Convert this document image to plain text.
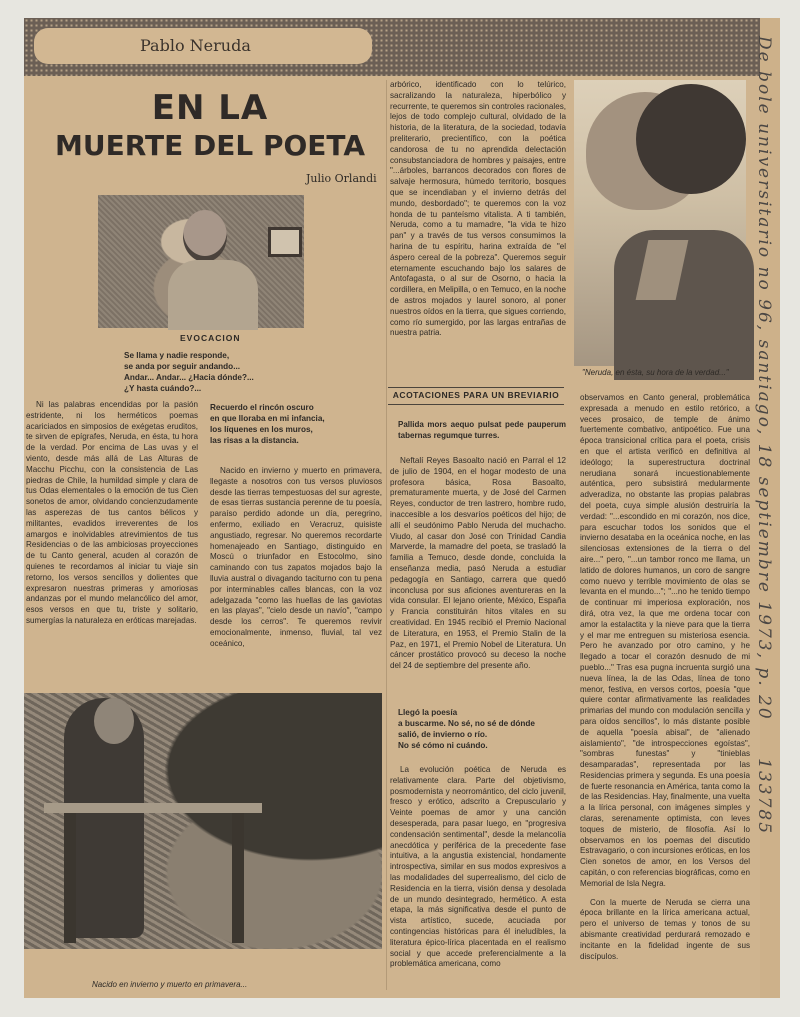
Pablo Neruda
EN LA
MUERTE DEL POETA
Julio Orlandi
EVOCACION
Se llama y nadie responde,
se anda por seguir andando...
Andar... Andar... ¿Hacia dónde?...
¿Y hasta cuándo?...

Ni las palabras encendidas por la pasión estridente, ni los herméticos poemas acariciados en simposios de exégetas eruditos, te sirven de epígrafes, Neruda, en ésta, tu hora de la verdad. Por encima de Las uvas y el viento, desde más allá de Las Alturas de Macchu Picchu, con la consistencia de Las piedras de Chile, la humildad simple y clara de tus Odas elementales o la emoción de tus Cien sonetos de amor, olvidando concienzudamente las asperezas de tus cantos bélicos y militantes, evadidos irreverentes de los amargos e inolvidables atrevimientos de tus Residencias o de las ambiciosas proyecciones de tu Canto general, acuden al corazón de quienes te recordamos al iniciar tu viaje sin retorno, los versos sencillos y dolientes que expresaron nuestras primeras y amoriosas andanzas por el mundo melancólico del amor, esos versos en que tu, triste y solitario, sumergías la naturaleza en eróticas marejadas.

Recuerdo el rincón oscuro
en que lloraba en mi infancia,
los líquenes en los muros,
las risas a la distancia.

Nacido en invierno y muerto en primavera, llegaste a nosotros con tus versos pluviosos desde las tierras tempestuosas del sur agreste, de esas tierras sustancia perenne de tu poesía, paraíso perdido adonde un día, peregrino, enfermo, exiliado en Veracruz, quisiste angustiado, regresar. No queremos recordarte homenajeado en Santiago, distinguido en Moscú o triunfador en Estocolmo, sino caminando con tus zapatos mojados bajo la lluvia austral o divagando taciturno con tu pena por interminables calles blancas, con la voz adelgazada "como las huellas de las gaviotas en las playas", "cielo desde un navío", "campo desde los cerros". Te queremos revivir emocionalmente, inmenso, fluvial, tal vez oceánico,

Nacido en invierno y muerto en primavera...

arbórico, identificado con lo telúrico, sacralizando la naturaleza, hiperbólico y recurrente, te queremos sin controles racionales, lejos de todo complejo cultural, olvidado de la historia, de la literatura, de la sociedad, todavía preliterario, precientífico, con la poética candorosa de tu no aprendida delectación consubstanciadora de hombres y paisajes, entre "...árboles, barrancos decorados con flores de salvaje hermosura, húmedo territorio, bosques que se incendiaban y el invierno detrás del mundo, desbordado"; te queremos con la voz honda de tu panteísmo vitalista. A ti también, Neruda, como a tu mamadre, "la vida te hizo pan" y a través de tus versos consumimos la harina de tu espíritu, harina extraída de "el áspero cereal de la pobreza". Queremos seguir eternamente escuchando bajo los salares de Antofagasta, o al sur de Osorno, o hacia la cordillera, en Melipilla, o en Temuco, en la noche de astros mojados y laurel sonoro, al poner nuestros oídos en la tierra, que sigues corriendo, como río sumergido, por las largas entrañas de nuestra patria.

ACOTACIONES PARA UN BREVIARIO
Pallida mors aequo pulsat pede pauperum tabernas regumque turres.

Neftalí Reyes Basoalto nació en Parral el 12 de julio de 1904, en el hogar modesto de una profesora básica, Rosa Basoalto, prematuramente muerta, y de José del Carmen Reyes, conductor de tren lastrero, hombre rudo, inaccesible a los desvaríos poéticos del hijo; de allí el seudónimo Pablo Neruda del muchacho. Viudo, al casar don José con Trinidad Candia Marverde, la mamadre del poeta, se trasladó la familia a Temuco, desde donde, concluida la enseñanza media, pasó Neruda a estudiar pedagogía en Santiago, carrera que quedó inconclusa por sus aficiones aventureras en la vida consular. El lejano oriente, México, España y Francia constituirán hitos vitales en su creatividad. En 1945 recibió el Premio Nacional de Literatura, en 1953, el Premio Stalin de la Paz, en 1971, el Premio Nobel de Literatura. Un cáncer prostático provocó su deceso la noche del 24 de septiembre del presente año.

Llegó la poesía
a buscarme. No sé, no sé de dónde
salió, de invierno o río.
No sé cómo ni cuándo.

La evolución poética de Neruda es relativamente clara. Parte del objetivismo, posmodernista y neorromántico, del ciclo juvenil, fresco y erótico, adscrito a Crepusculario y Veinte poemas de amor y una canción desesperada, para pasar luego, en "progresiva condensación sentimental", desde la melancolía anecdótica y periférica de la precedente fase intuitiva, a la angustia existencial, hondamente introspectiva, similar en sus modos expresivos a las modalidades del superrealismo, del ciclo de Residencia en la tierra, visión densa y desolada de un mundo desintegrado, hermético. A esta etapa, la más significativa desde el punto de vista artístico, sucede, acuciada por contingencias históricas para él ineludibles, la literatura épico-lírica placentada en el realismo social y que accede preferencialmente a la problemática americana, como

"Neruda, en ésta, su hora de la verdad..."

observamos en Canto general, problemática expresada a menudo en estilo retórico, a veces prosaico, de temple de ánimo fuertemente combativo, antipoético. Fue una época transicional crítica para el poeta, crisis en que el artista verificó en definitiva al ideólogo; la superestructura doctrinal nerudiana sonará incuestionablemente auténtica, pero subsistirá medularmente adveradiza, no obstante las propias palabras del poeta, cuya simple alusión destruiría la verdad: "...escondido en mi corazón, nos dice, para escuchar todos los sonidos que el invierno desataba en la oceánica noche, en las silenciosas extensiones de la tierra o del aire..." pero, "...un tambor ronco me llama, un latido de dolores humanos, un coro de sangre como nuevo y terrible movimiento de olas se levanta en el mundo..."; "...no he tenido tiempo de continuar mi imperiosa exploración, nos dirá, otra vez, la que me ordena tocar con amor la estalactita y la nieve para que la tierra y el mar me entreguen su misteriosa esencia. Pero he avanzado por otro camino, y he llegado a tocar el corazón desnudo de mi pueblo..." Tras esa pugna incruenta surgió una nueva línea, la de las Odas, línea de tono menor, festiva, en versos cortos, poesía "que quiere contar afirmativamente las realidades primarias del mundo con modulación sencilla y para oídos sencillos", lo más distante posible de aquella "poesía abisal", de "alienado aislamiento", "de introspecciones egoístas", "sombras funestas" y "tinieblas desamparadas", representada por las Residencias primera y segunda. Es una poesía de fuerte resonancia en América, tanta como la de las Residencias. Hay, finalmente, una vuelta a la lírica personal, con imágenes simples y claras, serenamente optimista, con leves toques de misterio, de filosofía. Así lo observamos en los poemas del discutido Estravagario, o con incursiones eróticas, en los Cien sonetos de amor, en los Versos del capitán, o con referencias biográficas, como en Memorial de Isla Negra.

Con la muerte de Neruda se cierra una época brillante en la lírica americana actual, pero el universo de temas y tonos de su abismante creatividad perdurará remozado e incitante en la fidelidad ingente de sus discípulos.

De bole universitario no 96, santiago, 18 septiembre 1973, p. 20 133785
